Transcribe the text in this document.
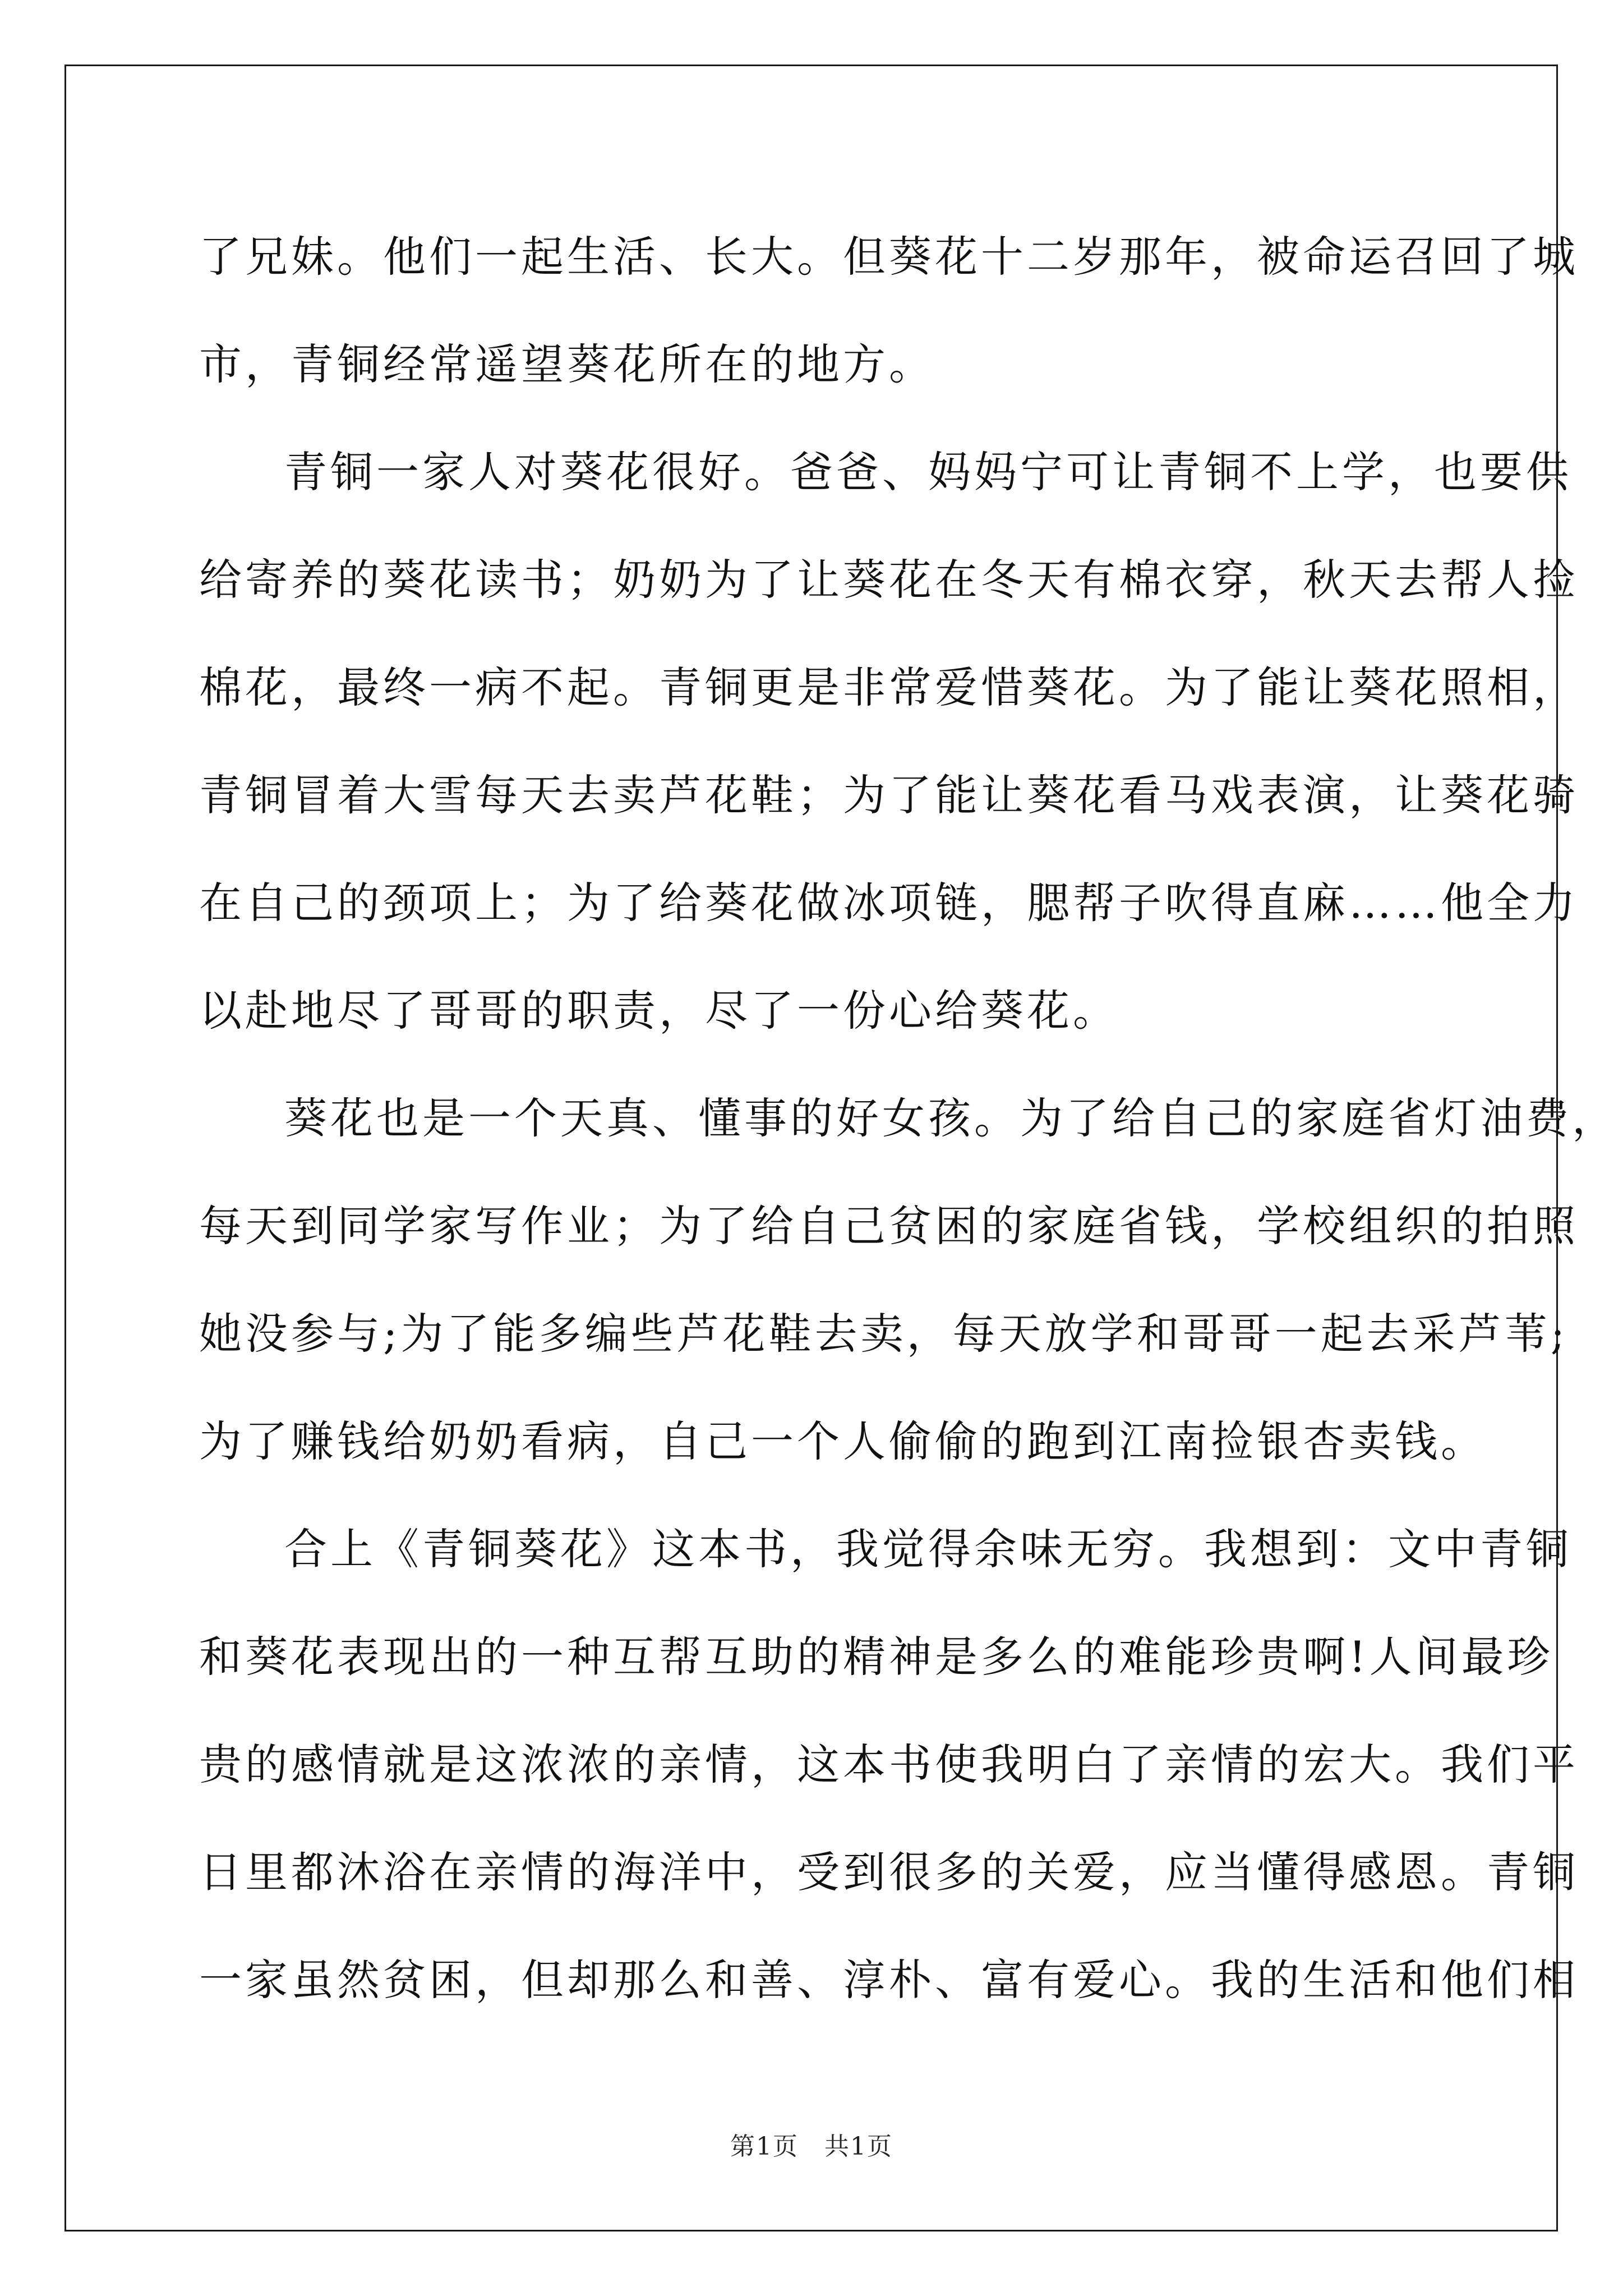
了兄妹。他们一起生活、长大。但葵花十二岁那年，被命运召回了城
市，青铜经常遥望葵花所在的地方。
青铜一家人对葵花很好。爸爸、妈妈宁可让青铜不上学，也要供
给寄养的葵花读书；奶奶为了让葵花在冬天有棉衣穿，秋天去帮人捡
棉花，最终一病不起。青铜更是非常爱惜葵花。为了能让葵花照相，
青铜冒着大雪每天去卖芦花鞋；为了能让葵花看马戏表演，让葵花骑
在自己的颈项上；为了给葵花做冰项链，腮帮子吹得直麻……他全力
以赴地尽了哥哥的职责，尽了一份心给葵花。
葵花也是一个天真、懂事的好女孩。为了给自己的家庭省灯油费，
每天到同学家写作业；为了给自己贫困的家庭省钱，学校组织的拍照
她没参与;为了能多编些芦花鞋去卖，每天放学和哥哥一起去采芦苇;
为了赚钱给奶奶看病，自己一个人偷偷的跑到江南捡银杏卖钱。
合上《青铜葵花》这本书，我觉得余味无穷。我想到：文中青铜
和葵花表现出的一种互帮互助的精神是多么的难能珍贵啊!人间最珍
贵的感情就是这浓浓的亲情，这本书使我明白了亲情的宏大。我们平
日里都沐浴在亲情的海洋中，受到很多的关爱，应当懂得感恩。青铜
一家虽然贫困，但却那么和善、淳朴、富有爱心。我的生活和他们相
第1页　共1页
